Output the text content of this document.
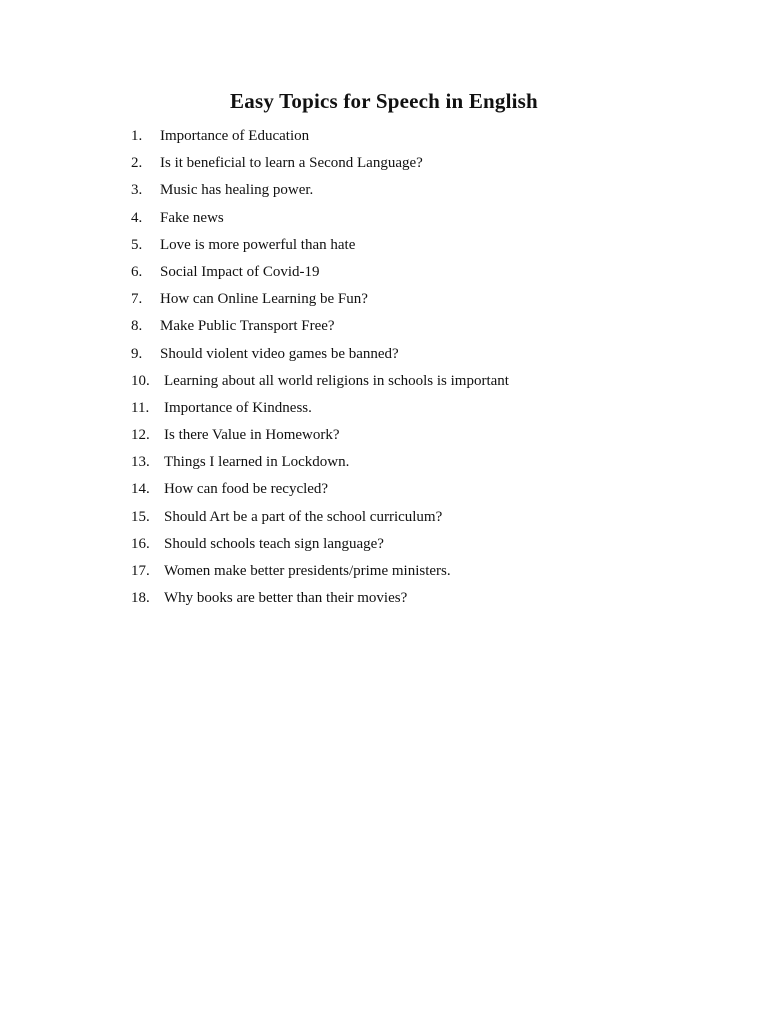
Easy Topics for Speech in English
1.	Importance of Education
2.	Is it beneficial to learn a Second Language?
3.	Music has healing power.
4.	Fake news
5.	Love is more powerful than hate
6.	Social Impact of Covid-19
7.	How can Online Learning be Fun?
8.	Make Public Transport Free?
9.	Should violent video games be banned?
10. Learning about all world religions in schools is important
11. Importance of Kindness.
12. Is there Value in Homework?
13. Things I learned in Lockdown.
14. How can food be recycled?
15. Should Art be a part of the school curriculum?
16. Should schools teach sign language?
17. Women make better presidents/prime ministers.
18. Why books are better than their movies?
